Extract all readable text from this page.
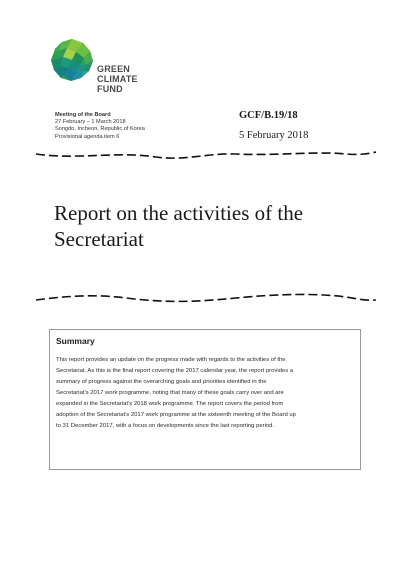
GREEN
CLIMATE
FUND
Meeting of the Board
27 February – 1 March 2018
Songdo, Incheon, Republic of Korea
Provisional agenda item 6
GCF/B.19/18
5 February 2018
Report on the activities of the
Secretariat
Summary
This report provides an update on the progress made with regards to the activities of the
Secretariat. As this is the final report covering the 2017 calendar year, the report provides a
summary of progress against the overarching goals and priorities identified in the
Secretariat’s 2017 work programme, noting that many of these goals carry over and are
expanded in the Secretariat’s 2018 work programme. The report covers the period from
adoption of the Secretariat’s 2017 work programme at the sixteenth meeting of the Board up
to 31 December 2017, with a focus on developments since the last reporting period.
